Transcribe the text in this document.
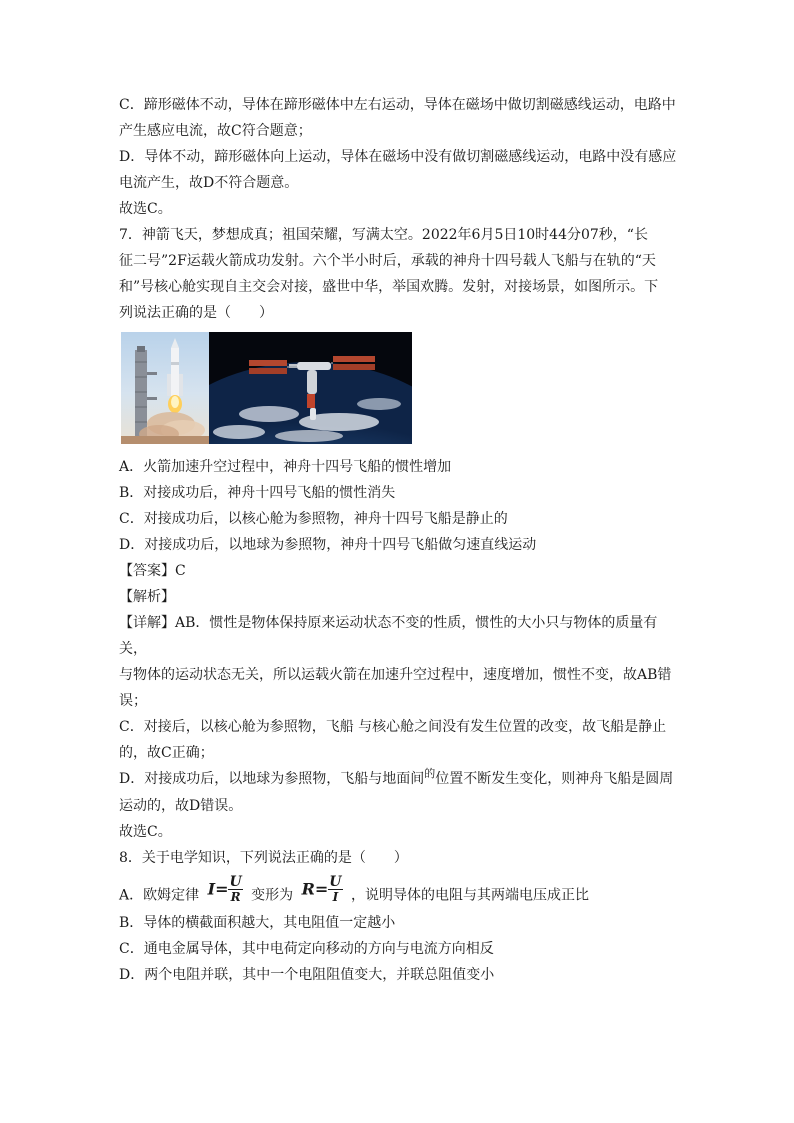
C．蹄形磁体不动，导体在蹄形磁体中左右运动，导体在磁场中做切割磁感线运动，电路中

产生感应电流，故C符合题意；

D．导体不动，蹄形磁体向上运动，导体在磁场中没有做切割磁感线运动，电路中没有感应

电流产生，故D不符合题意。

故选C。

7．神箭飞天，梦想成真；祖国荣耀，写满太空。2022年6月5日10时44分07秒，“长

征二号”2F运载火箭成功发射。六个半小时后，承载的神舟十四号载人飞船与在轨的“天

和”号核心舱实现自主交会对接，盛世中华，举国欢腾。发射，对接场景，如图所示。下

列说法正确的是（　　）

A．火箭加速升空过程中，神舟十四号飞船的惯性增加

B．对接成功后，神舟十四号飞船的惯性消失

C．对接成功后，以核心舱为参照物，神舟十四号飞船是静止的

D．对接成功后，以地球为参照物，神舟十四号飞船做匀速直线运动

【答案】C

【解析】

【详解】AB．惯性是物体保持原来运动状态不变的性质，惯性的大小只与物体的质量有关，

与物体的运动状态无关，所以运载火箭在加速升空过程中，速度增加，惯性不变，故AB错

误；

C．对接后，以核心舱为参照物，飞船 与核心舱之间没有发生位置的改变，故飞船是静止

的，故C正确；

D．对接成功后，以地球为参照物，飞船与地面间$^的$位置不断发生变化，则神舟飞船是圆周

运动的，故D错误。

故选C。

8．关于电学知识，下列说法正确的是（　　）

A．欧姆定律 $I= \frac{U}{R}$ 变形为 $R= \frac{U}{I}$ ，说明导体的电阻与其两端电压成正比

B．导体的横截面积越大，其电阻值一定越小

C．通电金属导体，其中电荷定向移动的方向与电流方向相反

D．两个电阻并联，其中一个电阻阻值变大，并联总阻值变小
